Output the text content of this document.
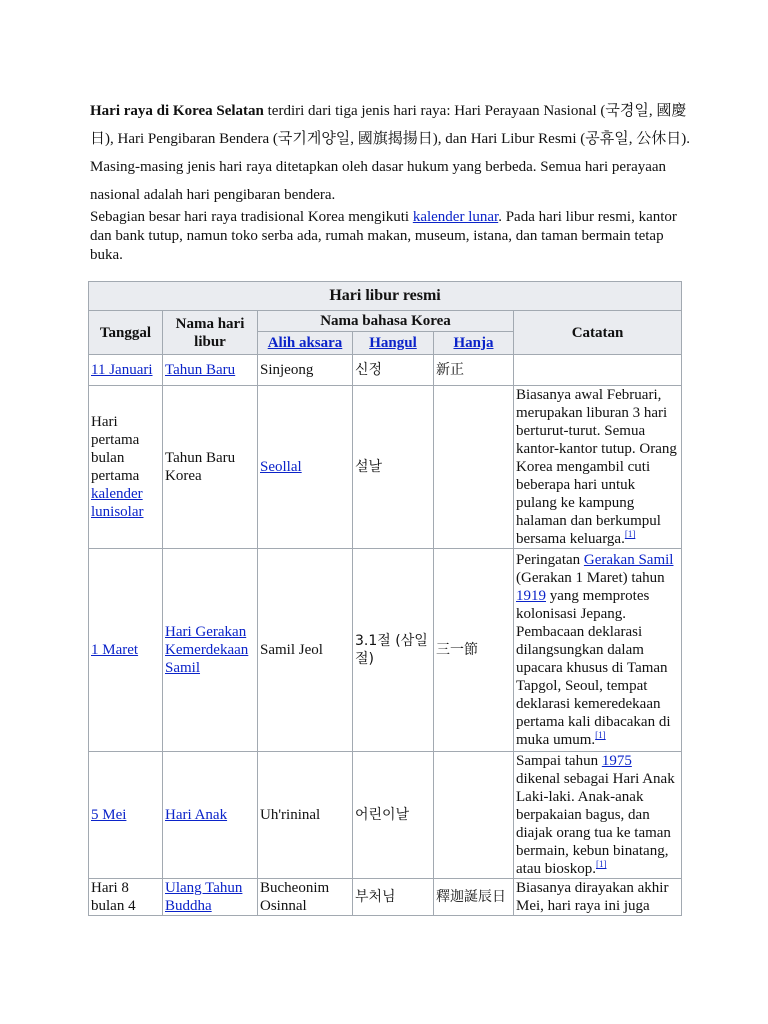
Hari raya di Korea Selatan terdiri dari tiga jenis hari raya: Hari Perayaan Nasional (국경일, 國慶日), Hari Pengibaran Bendera (국기게양일, 國旗揭揚日), dan Hari Libur Resmi (공휴일, 公休日). Masing-masing jenis hari raya ditetapkan oleh dasar hukum yang berbeda. Semua hari perayaan nasional adalah hari pengibaran bendera.

Sebagian besar hari raya tradisional Korea mengikuti kalender lunar. Pada hari libur resmi, kantor dan bank tutup, namun toko serba ada, rumah makan, museum, istana, dan taman bermain tetap buka.

Hari libur resmi					
Tanggal	Nama hari libur	Nama bahasa Korea			Catatan
		Alih aksara	Hangul	Hanja	
11 Januari	Tahun Baru	Sinjeong	신정	新正	
Hari pertama bulan pertama kalender lunisolar	Tahun Baru Korea	Seollal	설날		Biasanya awal Februari, merupakan liburan 3 hari berturut-turut. Semua kantor-kantor tutup. Orang Korea mengambil cuti beberapa hari untuk pulang ke kampung halaman dan berkumpul bersama keluarga.[1]
1 Maret	Hari Gerakan Kemerdekaan Samil	Samil Jeol	3.1절 (삼일절)	三一節	Peringatan Gerakan Samil (Gerakan 1 Maret) tahun 1919 yang memprotes kolonisasi Jepang. Pembacaan deklarasi dilangsungkan dalam upacara khusus di Taman Tapgol, Seoul, tempat deklarasi kemeredekaan pertama kali dibacakan di muka umum.[1]
5 Mei	Hari Anak	Uh'rininal	어린이날		Sampai tahun 1975 dikenal sebagai Hari Anak Laki-laki. Anak-anak berpakaian bagus, dan diajak orang tua ke taman bermain, kebun binatang, atau bioskop.[1]
Hari 8 bulan 4	Ulang Tahun Buddha	Bucheonim Osinnal	부처님	釋迦誕辰日	Biasanya dirayakan akhir Mei, hari raya ini juga
